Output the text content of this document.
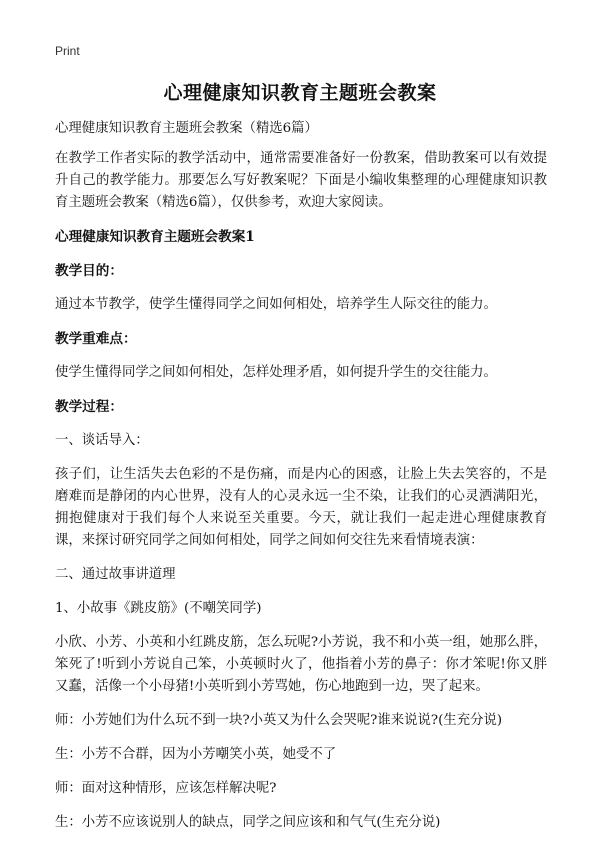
Print
心理健康知识教育主题班会教案

心理健康知识教育主题班会教案（精选6篇）

在教学工作者实际的教学活动中，通常需要准备好一份教案，借助教案可以有效提升自己的教学能力。那要怎么写好教案呢？下面是小编收集整理的心理健康知识教育主题班会教案（精选6篇），仅供参考，欢迎大家阅读。

心理健康知识教育主题班会教案1
教学目的：

通过本节教学，使学生懂得同学之间如何相处，培养学生人际交往的能力。

教学重难点：

使学生懂得同学之间如何相处，怎样处理矛盾，如何提升学生的交往能力。

教学过程：

一、谈话导入：

孩子们，让生活失去色彩的不是伤痛，而是内心的困惑，让脸上失去笑容的，不是磨难而是静闭的内心世界，没有人的心灵永远一尘不染，让我们的心灵洒满阳光，拥抱健康对于我们每个人来说至关重要。今天，就让我们一起走进心理健康教育课，来探讨研究同学之间如何相处，同学之间如何交往先来看情境表演：

二、通过故事讲道理

1、小故事《跳皮筋》(不嘲笑同学)

小欣、小芳、小英和小红跳皮筋，怎么玩呢?小芳说，我不和小英一组，她那么胖，笨死了!听到小芳说自己笨，小英顿时火了，他指着小芳的鼻子：你才笨呢!你又胖又蠢，活像一个小母猪!小英听到小芳骂她，伤心地跑到一边，哭了起来。

师：小芳她们为什么玩不到一块?小英又为什么会哭呢?谁来说说?(生充分说)

生：小芳不合群，因为小芳嘲笑小英，她受不了

师：面对这种情形，应该怎样解决呢?

生：小芳不应该说别人的缺点，同学之间应该和和气气(生充分说)
